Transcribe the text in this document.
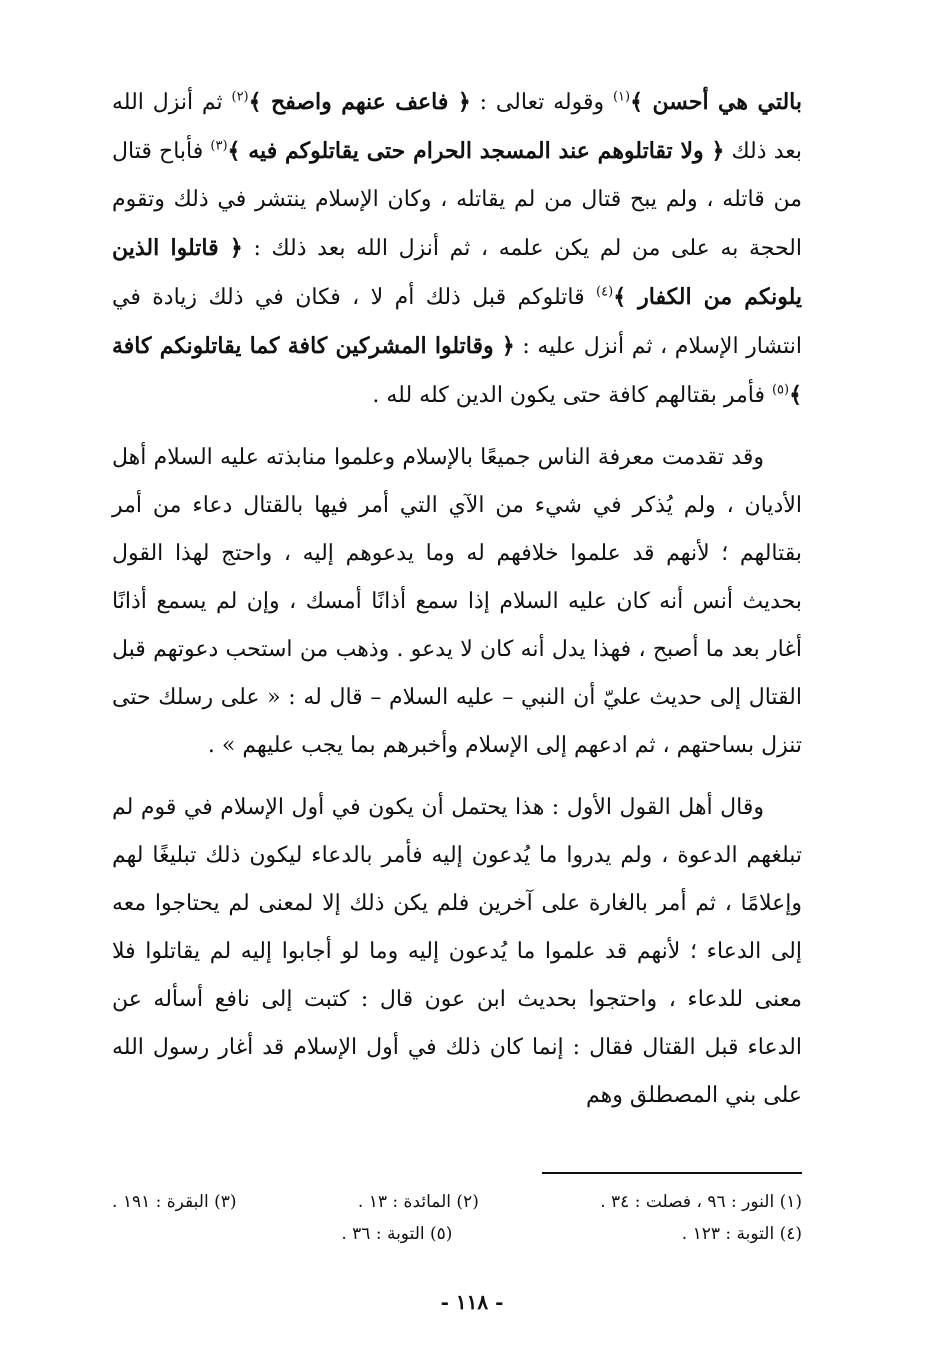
بالتي هي أحسن ﴾$^{(١)}$ وقوله تعالى : ﴿ فاعف عنهم واصفح ﴾$^{(٢)}$ ثم أنزل الله بعد ذلك ﴿ ولا تقاتلوهم عند المسجد الحرام حتى يقاتلوكم فيه ﴾$^{(٣)}$ فأباح قتال من قاتله ، ولم يبح قتال من لم يقاتله ، وكان الإسلام ينتشر في ذلك وتقوم الحجة به على من لم يكن علمه ، ثم أنزل الله بعد ذلك : ﴿ قاتلوا الذين يلونكم من الكفار ﴾$^{(٤)}$ قاتلوكم قبل ذلك أم لا ، فكان في ذلك زيادة في انتشار الإسلام ، ثم أنزل عليه : ﴿ وقاتلوا المشركين كافة كما يقاتلونكم كافة ﴾$^{(٥)}$ فأمر بقتالهم كافة حتى يكون الدين كله لله .

وقد تقدمت معرفة الناس جميعًا بالإسلام وعلموا منابذته عليه السلام أهل الأديان ، ولم يُذكر في شيء من الآي التي أمر فيها بالقتال دعاء من أمر بقتالهم ؛ لأنهم قد علموا خلافهم له وما يدعوهم إليه ، واحتج لهذا القول بحديث أنس أنه كان عليه السلام إذا سمع أذانًا أمسك ، وإن لم يسمع أذانًا أغار بعد ما أصبح ، فهذا يدل أنه كان لا يدعو . وذهب من استحب دعوتهم قبل القتال إلى حديث عليّ أن النبي – عليه السلام – قال له : « على رسلك حتى تنزل بساحتهم ، ثم ادعهم إلى الإسلام وأخبرهم بما يجب عليهم » .

وقال أهل القول الأول : هذا يحتمل أن يكون في أول الإسلام في قوم لم تبلغهم الدعوة ، ولم يدروا ما يُدعون إليه فأمر بالدعاء ليكون ذلك تبليغًا لهم وإعلامًا ، ثم أمر بالغارة على آخرين فلم يكن ذلك إلا لمعنى لم يحتاجوا معه إلى الدعاء ؛ لأنهم قد علموا ما يُدعون إليه وما لو أجابوا إليه لم يقاتلوا فلا معنى للدعاء ، واحتجوا بحديث ابن عون قال : كتبت إلى نافع أسأله عن الدعاء قبل القتال فقال : إنما كان ذلك في أول الإسلام قد أغار رسول الله على بني المصطلق وهم

(١) النور : ٩٦ ، فصلت : ٣٤ .
(٢) المائدة : ١٣ .
(٣) البقرة : ١٩١ .
(٤) التوبة : ١٢٣ .
(٥) التوبة : ٣٦ .
- ١١٨ -
